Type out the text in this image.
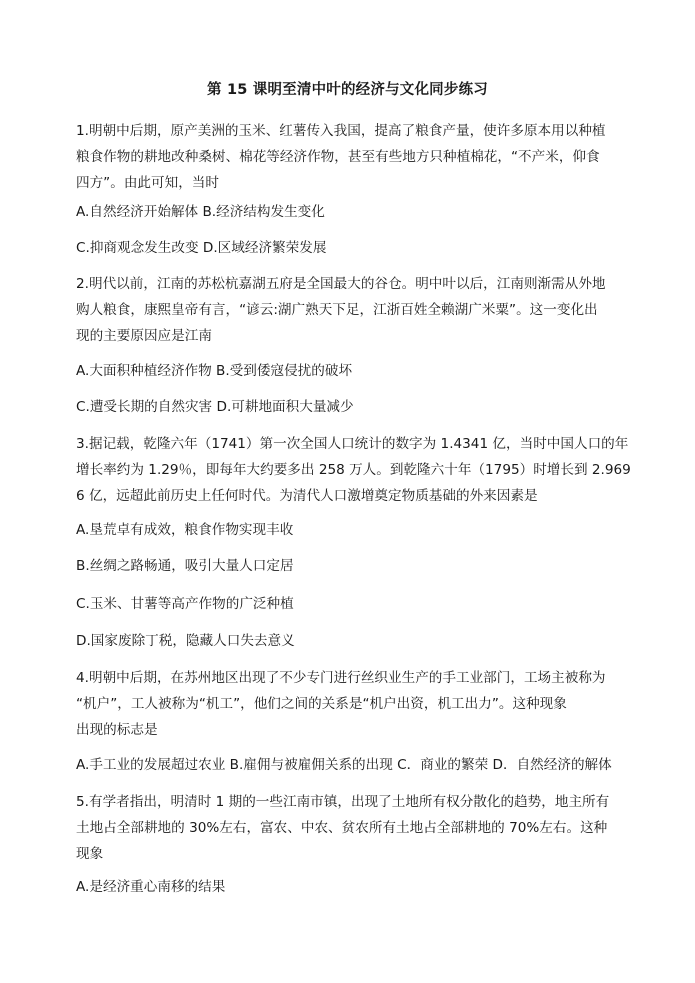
第 15 课明至清中叶的经济与文化同步练习

1.明朝中后期，原产美洲的玉米、红薯传入我国，提高了粮食产量，使许多原本用以种植

粮食作物的耕地改种桑树、棉花等经济作物，甚至有些地方只种植棉花，“不产米，仰食

四方”。由此可知，当时

A.自然经济开始解体 B.经济结构发生变化

C.抑商观念发生改变 D.区域经济繁荣发展

2.明代以前，江南的苏松杭嘉湖五府是全国最大的谷仓。明中叶以后，江南则渐需从外地

购人粮食，康熙皇帝有言，“谚云:湖广熟天下足，江浙百姓全赖湖广米粟”。这一变化出

现的主要原因应是江南

A.大面积种植经济作物 B.受到倭寇侵扰的破坏

C.遭受长期的自然灾害 D.可耕地面积大量减少

3.据记载，乾隆六年（1741）第一次全国人口统计的数字为 1.4341 亿，当时中国人口的年

增长率约为 1.29％，即每年大约要多出 258 万人。到乾隆六十年（1795）时增长到 2.969

6 亿，远超此前历史上任何时代。为清代人口激增奠定物质基础的外来因素是

A.垦荒卓有成效，粮食作物实现丰收

B.丝绸之路畅通，吸引大量人口定居

C.玉米、甘薯等高产作物的广泛种植

D.国家废除丁税，隐藏人口失去意义

4.明朝中后期，在苏州地区出现了不少专门进行丝织业生产的手工业部门，工场主被称为

“机户”，工人被称为“机工”，他们之间的关系是“机户出资，机工出力”。这种现象

出现的标志是

A.手工业的发展超过农业 B.雇佣与被雇佣关系的出现 C．商业的繁荣 D．自然经济的解体

5.有学者指出，明清时 1 期的一些江南市镇，出现了土地所有权分散化的趋势，地主所有

土地占全部耕地的 30%左右，富农、中农、贫农所有土地占全部耕地的 70%左右。这种

现象

A.是经济重心南移的结果
